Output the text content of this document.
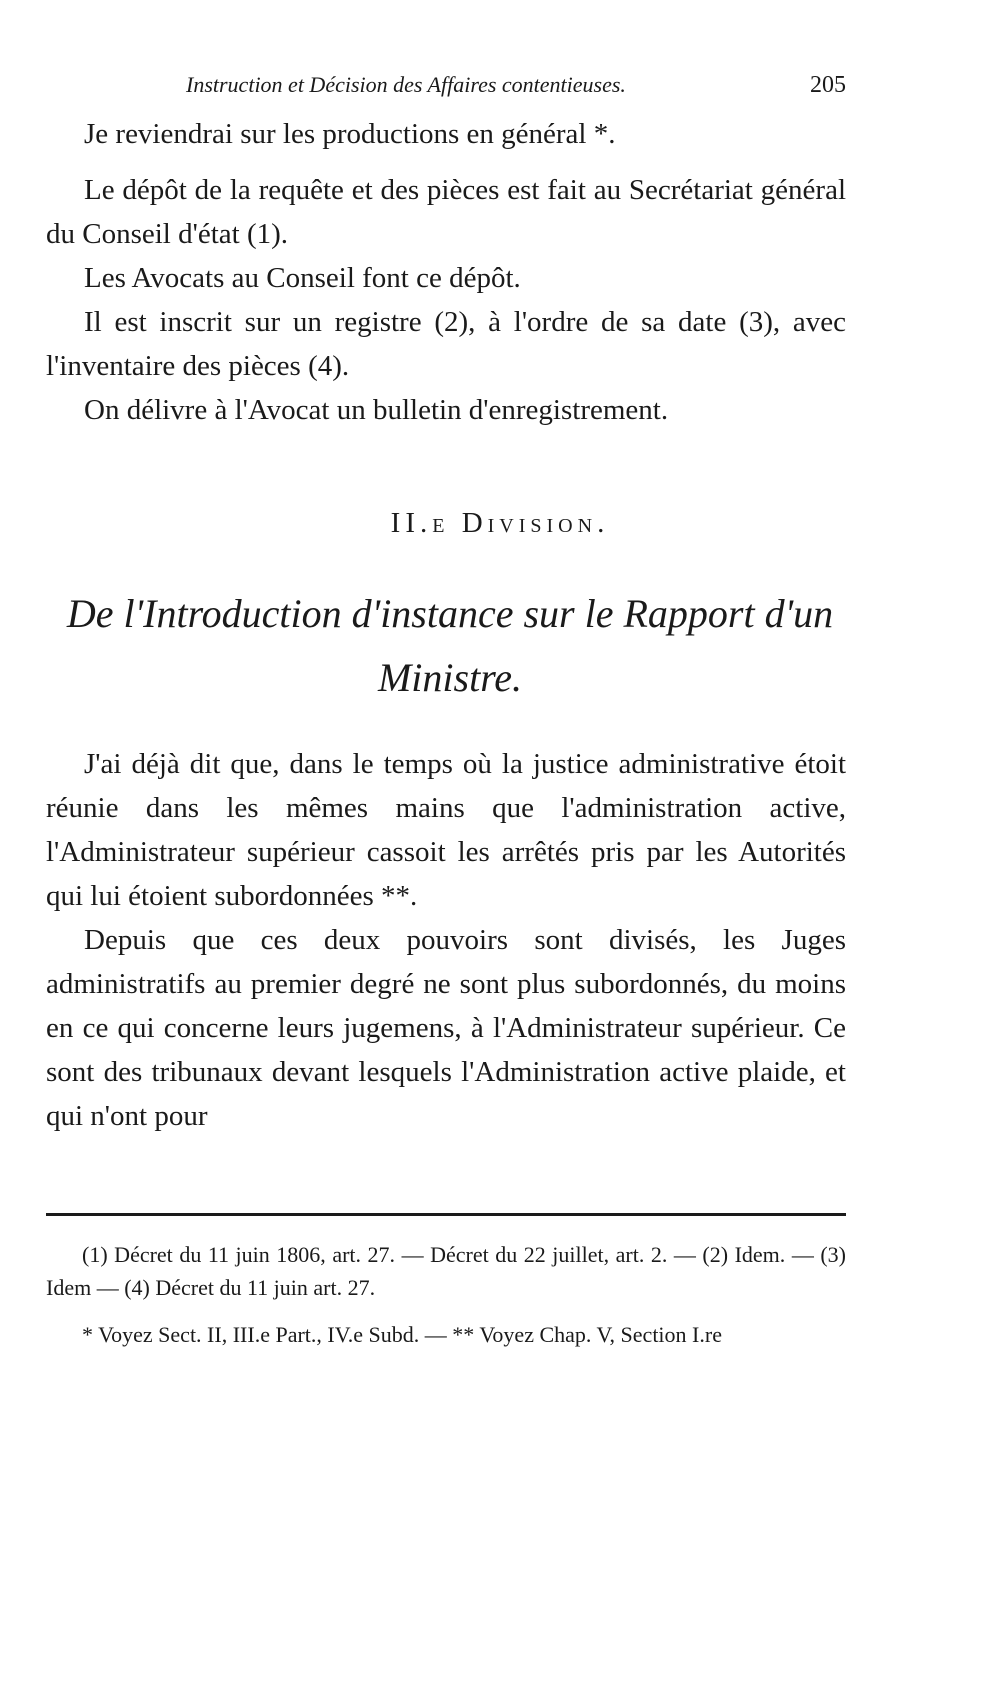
Instruction et Décision des Affaires contentieuses.	205

Je reviendrai sur les productions en général *.

Le dépôt de la requête et des pièces est fait au Secrétariat général du Conseil d'état (1).

Les Avocats au Conseil font ce dépôt.

Il est inscrit sur un registre (2), à l'ordre de sa date (3), avec l'inventaire des pièces (4).

On délivre à l'Avocat un bulletin d'enregistrement.

II.e Division.
De l'Introduction d'instance sur le Rapport d'un Ministre.

J'ai déjà dit que, dans le temps où la justice administrative étoit réunie dans les mêmes mains que l'administration active, l'Administrateur supérieur cassoit les arrêtés pris par les Autorités qui lui étoient subordonnées **.

Depuis que ces deux pouvoirs sont divisés, les Juges administratifs au premier degré ne sont plus subordonnés, du moins en ce qui concerne leurs jugemens, à l'Administrateur supérieur. Ce sont des tribunaux devant lesquels l'Administration active plaide, et qui n'ont pour

(1) Décret du 11 juin 1806, art. 27. — Décret du 22 juillet, art. 2. — (2) Idem. — (3) Idem — (4) Décret du 11 juin art. 27.

* Voyez Sect. II, III.e Part., IV.e Subd. — ** Voyez Chap. V, Section I.re
